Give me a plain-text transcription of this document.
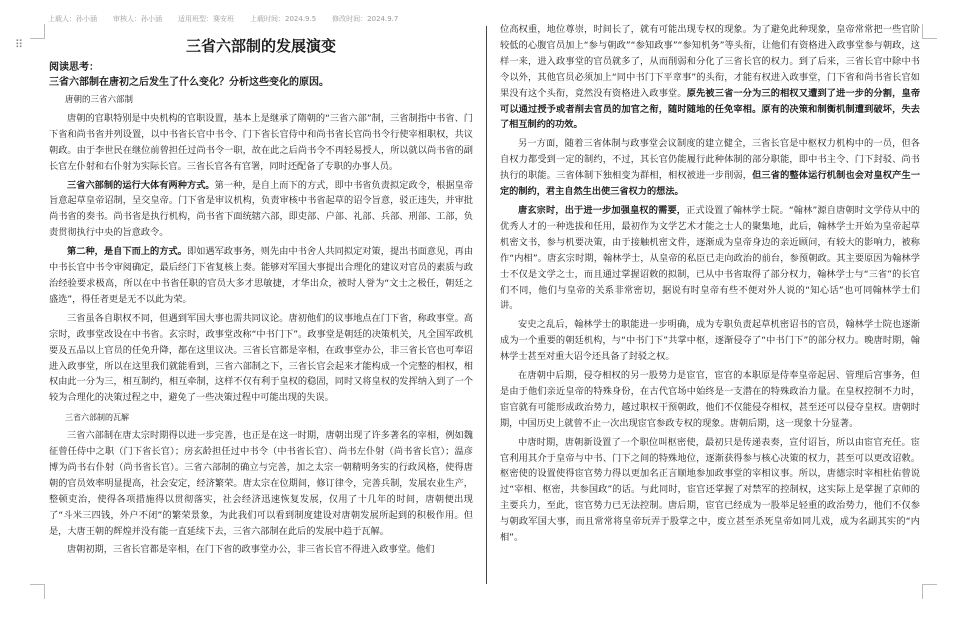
上载人：孙小涵 审核人：孙小涵 适用班型：赛安班 上载时间：2024.9.5 修改时间：2024.9.7
⠿	三省六部制的发展演变
阅读思考：
三省六部制在唐初之后发生了什么变化？分析这些变化的原因。
唐朝的三省六部制

唐朝的官职特别是中央机构的官职设置，基本上是继承了隋朝的“三省六部”制，三省制指中书省、门下省和尚书省并列设置，以中书省长官中书令、门下省长官侍中和尚书省长官尚书令行使宰相职权，共议朝政。由于李世民在继位前曾担任过尚书令一职，故在此之后尚书令不再轻易授人，所以就以尚书省的副长官左仆射和右仆射为实际长官。三省长官各有官署，同时还配备了专职的办事人员。

三省六部制的运行大体有两种方式。第一种，是自上而下的方式，即中书省负责拟定政令，根据皇帝旨意起草皇帝诏制，呈交皇帝。门下省是审议机构，负责审核中书省起草的诏令旨意，驳正违失，并审批尚书省的奏书。尚书省是执行机构，尚书省下面统辖六部，即吏部、户部、礼部、兵部、刑部、工部，负责贯彻执行中央的旨意政令。

第二种，是自下而上的方式。即如遇军政事务，则先由中书舍人共同拟定对策，提出书面意见，再由中书长官中书令审阅确定，最后经门下省复核上奏。能够对军国大事提出合理化的建议对官员的素质与政治经验要求极高，所以在中书省任职的官员大多才思敏捷，才华出众，被时人誉为“文士之极任，朝廷之盛选”，得任者更是无不以此为荣。

三省虽各自职权不同，但遇到军国大事也需共同议论。唐初他们的议事地点在门下省，称政事堂。高宗时，政事堂改设在中书省。玄宗时，政事堂改称“中书门下”。政事堂是朝廷的决策机关，凡全国军政机要及五品以上官员的任免升降，都在这里议决。三省长官都是宰相，在政事堂办公，非三省长官也可奉诏进入政事堂，所以在这里我们就能看到，三省六部制之下，三省长官会起来才能构成一个完整的相权，相权由此一分为三，相互制约，相互牵制，这样不仅有利于皇权的稳固，同时又将皇权的发挥纳入到了一个较为合理化的决策过程之中，避免了一些决策过程中可能出现的失误。

三省六部制的瓦解

三省六部制在唐太宗时期得以进一步完善，也正是在这一时期，唐朝出现了许多著名的宰相，例如魏征曾任侍中之职（门下省长官）；房玄龄担任过中书令（中书省长官）、尚书左仆射（尚书省长官）；温彦博为尚书右仆射（尚书省长官）。三省六部制的确立与完善，加之太宗一朝精明务实的行政风格，使得唐朝的官员效率明显提高，社会安定，经济繁荣。唐太宗在位期间，修订律令，完善兵制，发展农业生产，整顿吏治，使得各项措施得以贯彻落实，社会经济迅速恢复发展，仅用了十几年的时间，唐朝便出现了“斗米三四钱，外户不闭”的繁荣景象，为此我们可以看到制度建设对唐朝发展所起到的积极作用。但是，大唐王朝的辉煌并没有能一直延续下去，三省六部制在此后的发展中趋于瓦解。

唐朝初期，三省长官都是宰相，在门下省的政事堂办公，非三省长官不得进入政事堂。他们

位高权重，地位尊崇，时间长了，就有可能出现专权的现象。为了避免此种现象，皇帝常常把一些官阶较低的心腹官员加上“参与朝政”“参知政事”“参知机务”等头衔，让他们有资格进入政事堂参与朝政，这样一来，进入政事堂的官员就多了，从而削弱和分化了三省长官的权力。到了后来，三省长官中除中书令以外，其他官员必须加上“同中书门下平章事”的头衔，才能有权进入政事堂，门下省和尚书省长官如果没有这个头衔，竟然没有资格进入政事堂。原先被三省一分为三的相权又遭到了进一步的分割，皇帝可以通过授予或者削去官员的加官之衔，随时随地的任免宰相。原有的决策和制衡机制遭到破坏，失去了相互制约的功效。

另一方面，随着三省体制与政事堂会议制度的建立健全，三省长官是中枢权力机构中的一员，但各自权力都受到一定的制约，不过，其长官仍能履行此种体制的部分职能，即中书主令、门下封驳、尚书执行的职能。三省体制下独相变为群相，相权被进一步削弱，但三省的整体运行机制也会对皇权产生一定的制约，君主自然生出使三省权力的想法。

唐玄宗时，出于进一步加强皇权的需要，正式设置了翰林学士院。“翰林”源自唐朝时文学侍从中的优秀人才的一种选拔和任用，最初作为文学艺术才能之士人的聚集地，此后，翰林学士开始为皇帝起草机密文书，参与机要决策，由于接触机密文件，逐渐成为皇帝身边的亲近顾问，有较大的影响力，被称作“内相”。唐玄宗时期，翰林学士，从皇帝的私臣已走向政治的前台，参预朝政。其主要原因为翰林学士不仅是文学之士，而且通过掌握诏敕的拟制，已从中书省取得了部分权力，翰林学士与“三省”的长官们不同，他们与皇帝的关系非常密切，据说有时皇帝有些不便对外人说的“知心话”也可同翰林学士们讲。

安史之乱后，翰林学士的职能进一步明确，成为专职负责起草机密诏书的官员，翰林学士院也逐渐成为一个重要的朝廷机构，与“中书门下”共掌中枢，逐渐侵夺了“中书门下”的部分权力。晚唐时期，翰林学士甚至对重大诏令还具备了封驳之权。

在唐朝中后期，侵夺相权的另一股势力是宦官，宦官的本职原是侍奉皇帝起居、管理后宫事务，但是由于他们亲近皇帝的特殊身份，在古代官场中始终是一支潜在的特殊政治力量。在皇权控制不力时，宦官就有可能形成政治势力，越过职权干预朝政，他们不仅能侵夺相权，甚至还可以侵夺皇权。唐朝时期，中国历史上就曾不止一次出现宦官参政专权的现象。唐朝后期，这一现象十分显著。

中唐时期，唐朝新设置了一个职位叫枢密使，最初只是传递表奏，宣付诏旨，所以由宦官充任。宦官利用其介于皇帝与中书、门下之间的特殊地位，逐渐获得参与核心决策的权力，甚至可以更改诏敕。枢密使的设置使得宦官势力得以更加名正言顺地参加政事堂的宰相议事。所以，唐德宗时宰相杜佑曾说过“宰相、枢密，共参国政”的话。与此同时，宦官还掌握了对禁军的控制权，这实际上是掌握了京师的主要兵力，至此，宦官势力已无法控制。唐后期，宦官已经成为一股举足轻重的政治势力，他们不仅参与朝政军国大事，而且常常将皇帝玩弄于股掌之中，废立甚至杀死皇帝如同儿戏，成为名副其实的“内相”。
